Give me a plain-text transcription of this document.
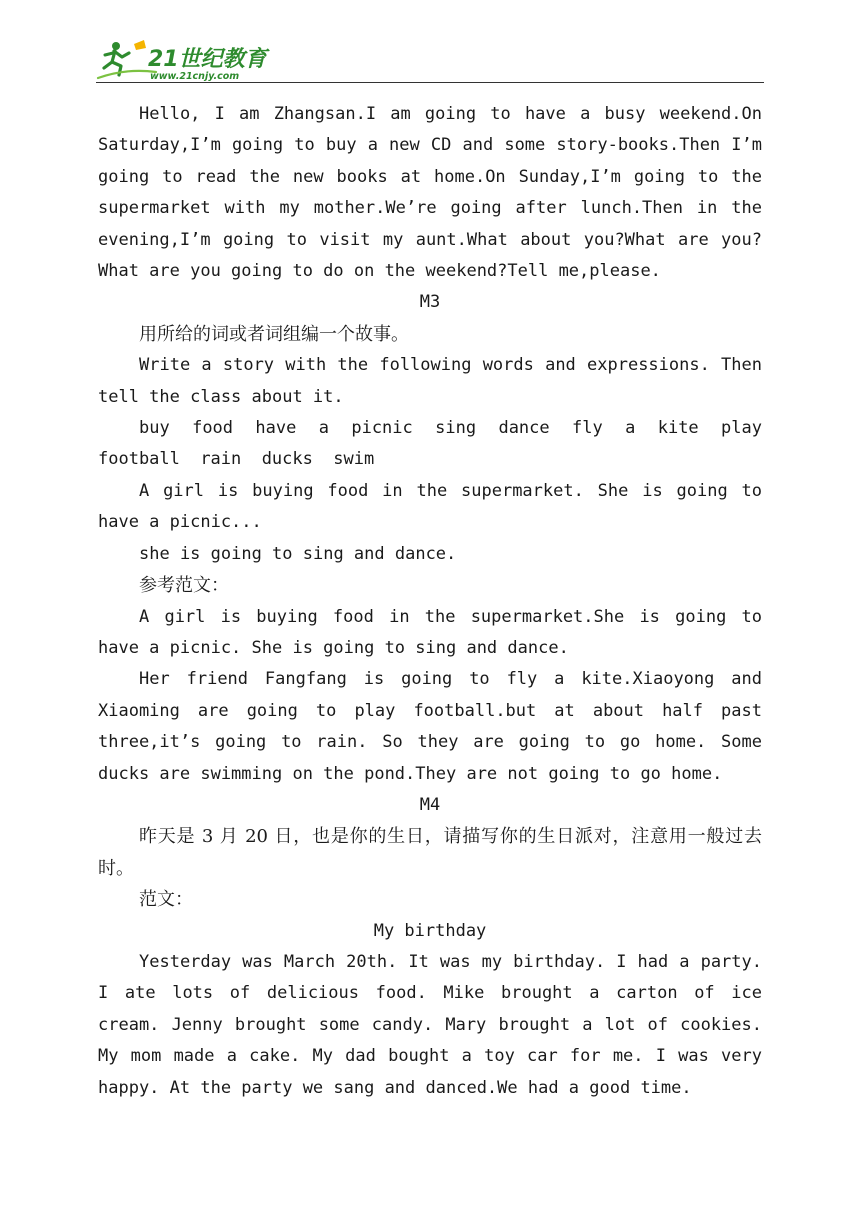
21世纪教育
www.21cnjy.com

Hello, I am Zhangsan.I am going to have a busy weekend.On Saturday,I’m going to buy a new CD and some story-books.Then I’m going to read the new books at home.On Sunday,I’m going to the supermarket with my mother.We’re going after lunch.Then in the evening,I’m going to visit my aunt.What about you?What are you?What are you going to do on the weekend?Tell me,please.

M3

用所给的词或者词组编一个故事。

Write a story with the following words and expressions. Then tell the class about it.

buy food have a picnic sing dance fly a kite play football rain ducks swim

A girl is buying food in the supermarket. She is going to have a picnic...

she is going to sing and dance.

参考范文：

A girl is buying food in the supermarket.She is going to have a picnic. She is going to sing and dance.

Her friend Fangfang is going to fly a kite.Xiaoyong and Xiaoming are going to play football.but at about half past three,it’s going to rain. So they are going to go home. Some ducks are swimming on the pond.They are not going to go home.

M4

昨天是 3 月 20 日，也是你的生日，请描写你的生日派对，注意用一般过去时。

范文：

My birthday

Yesterday was March 20th. It was my birthday. I had a party. I ate lots of delicious food. Mike brought a carton of ice cream. Jenny brought some candy. Mary brought a lot of cookies. My mom made a cake. My dad bought a toy car for me. I was very happy. At the party we sang and danced.We had a good time.
